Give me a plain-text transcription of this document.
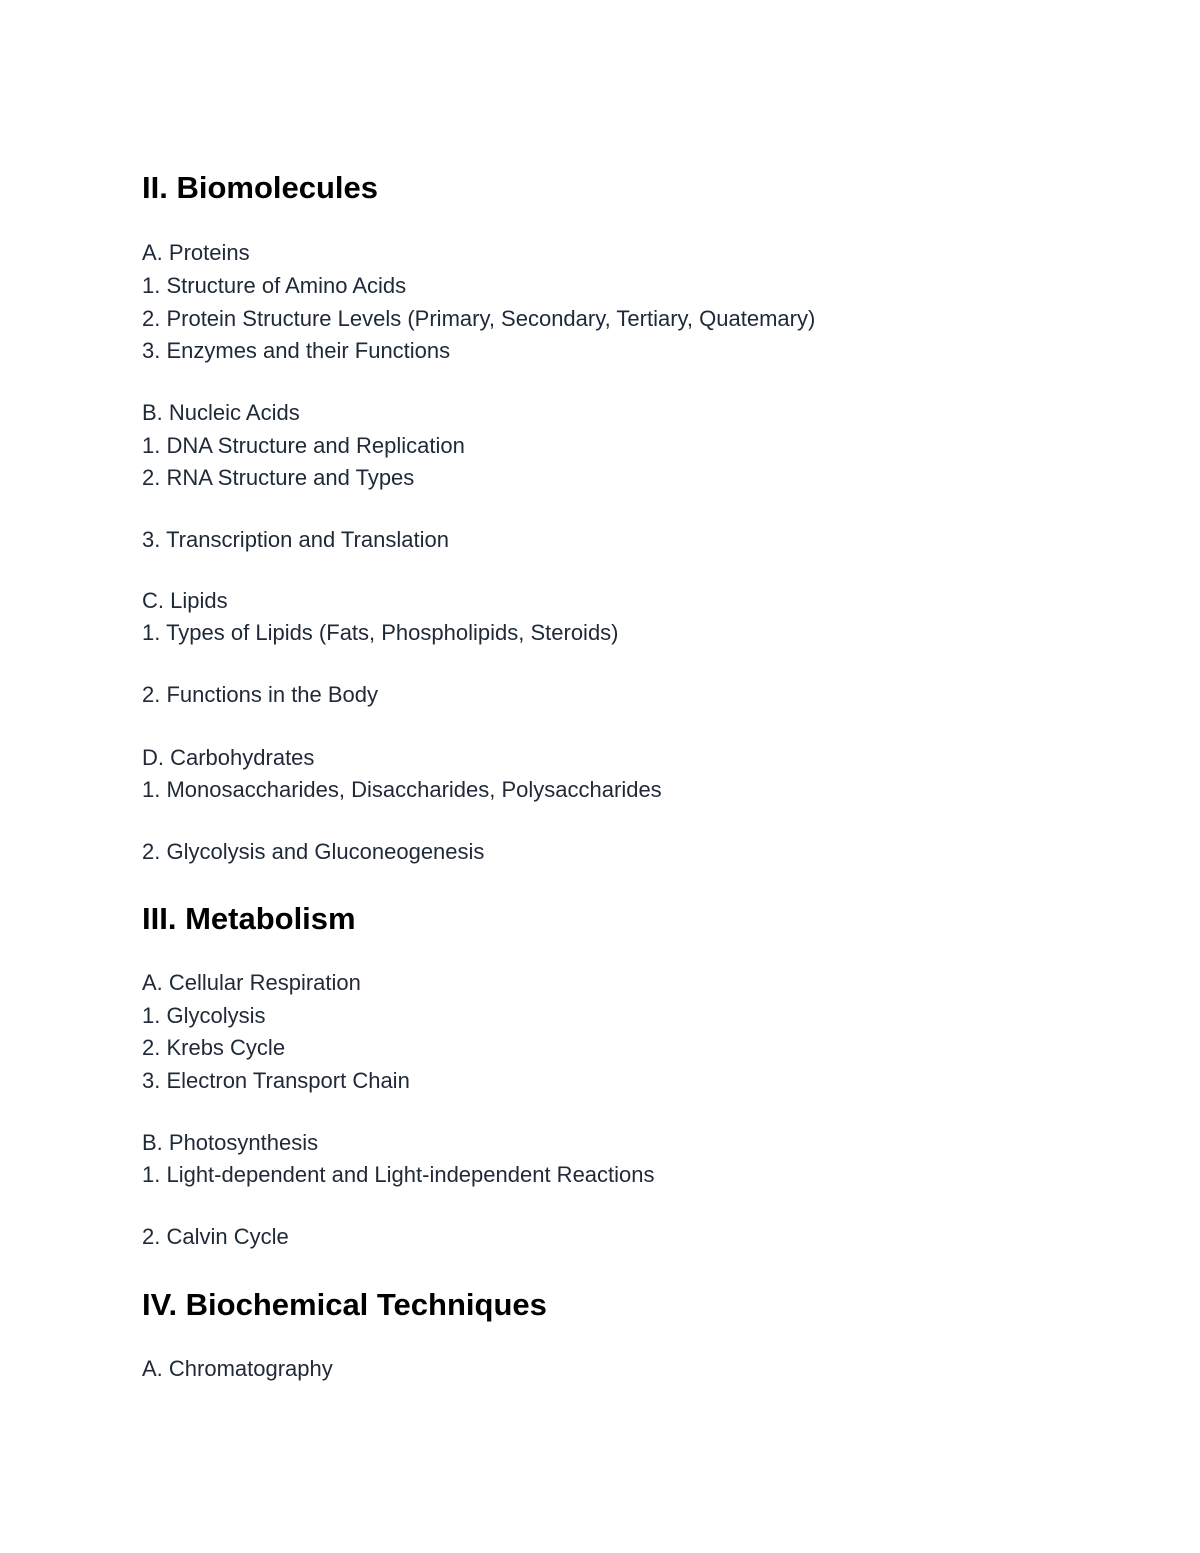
II. Biomolecules

A. Proteins

1. Structure of Amino Acids

2. Protein Structure Levels (Primary, Secondary, Tertiary, Quatemary)

3. Enzymes and their Functions

B. Nucleic Acids

1. DNA Structure and Replication

2. RNA Structure and Types

3. Transcription and Translation

C. Lipids

1. Types of Lipids (Fats, Phospholipids, Steroids)

2. Functions in the Body

D. Carbohydrates

1. Monosaccharides, Disaccharides, Polysaccharides

2. Glycolysis and Gluconeogenesis

III. Metabolism

A. Cellular Respiration

1. Glycolysis

2. Krebs Cycle

3. Electron Transport Chain

B. Photosynthesis

1. Light-dependent and Light-independent Reactions

2. Calvin Cycle

IV. Biochemical Techniques

A. Chromatography
